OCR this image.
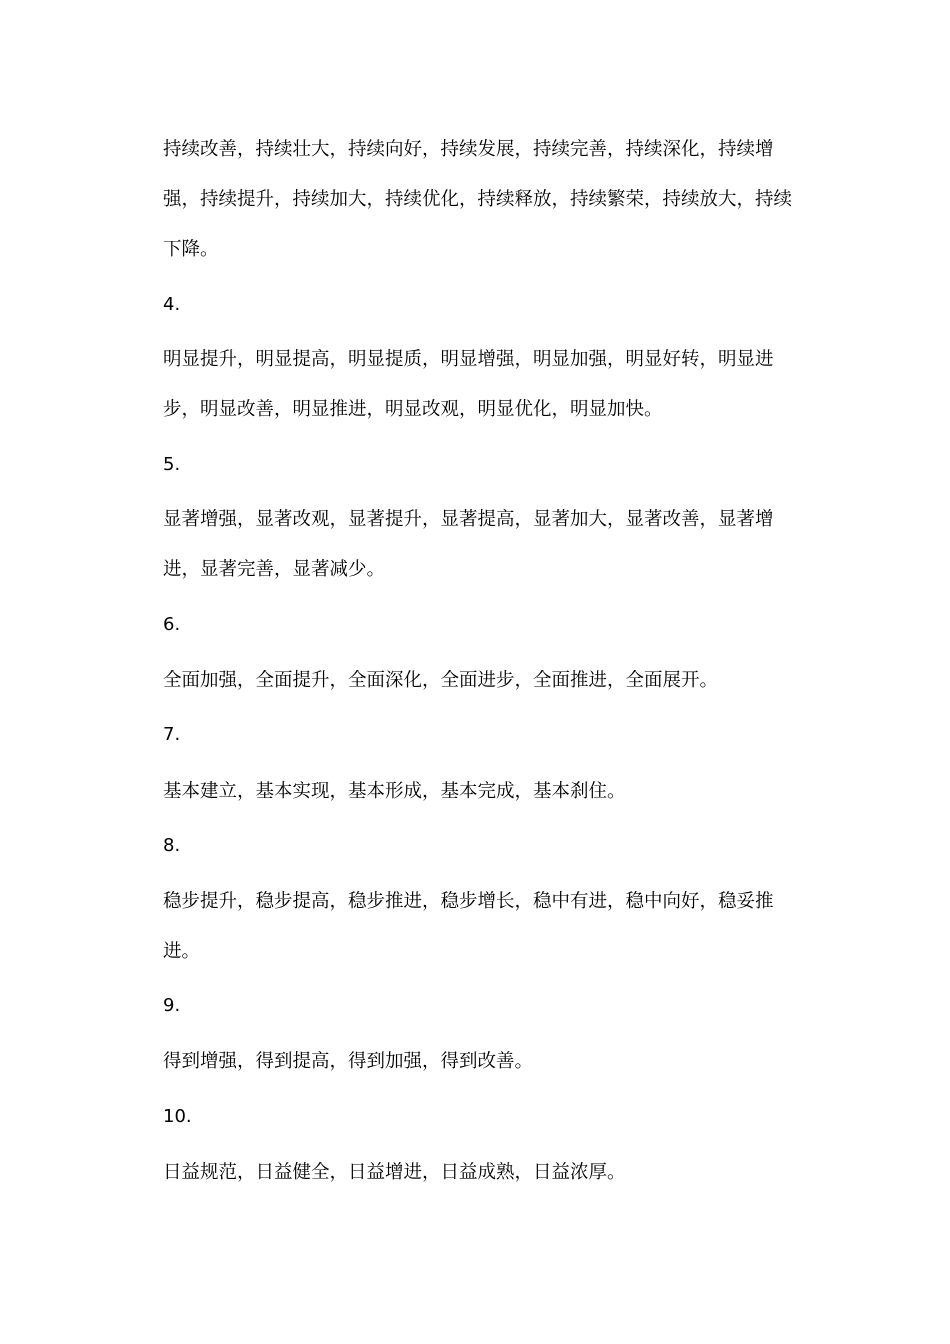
持续改善，持续壮大，持续向好，持续发展，持续完善，持续深化，持续增强，持续提升，持续加大，持续优化，持续释放，持续繁荣，持续放大，持续下降。
4.
明显提升，明显提高，明显提质，明显增强，明显加强，明显好转，明显进步，明显改善，明显推进，明显改观，明显优化，明显加快。
5.
显著增强，显著改观，显著提升，显著提高，显著加大，显著改善，显著增进，显著完善，显著减少。
6.
全面加强，全面提升，全面深化，全面进步，全面推进，全面展开。
7.
基本建立，基本实现，基本形成，基本完成，基本刹住。
8.
稳步提升，稳步提高，稳步推进，稳步增长，稳中有进，稳中向好，稳妥推进。
9.
得到增强，得到提高，得到加强，得到改善。
10.
日益规范，日益健全，日益增进，日益成熟，日益浓厚。
